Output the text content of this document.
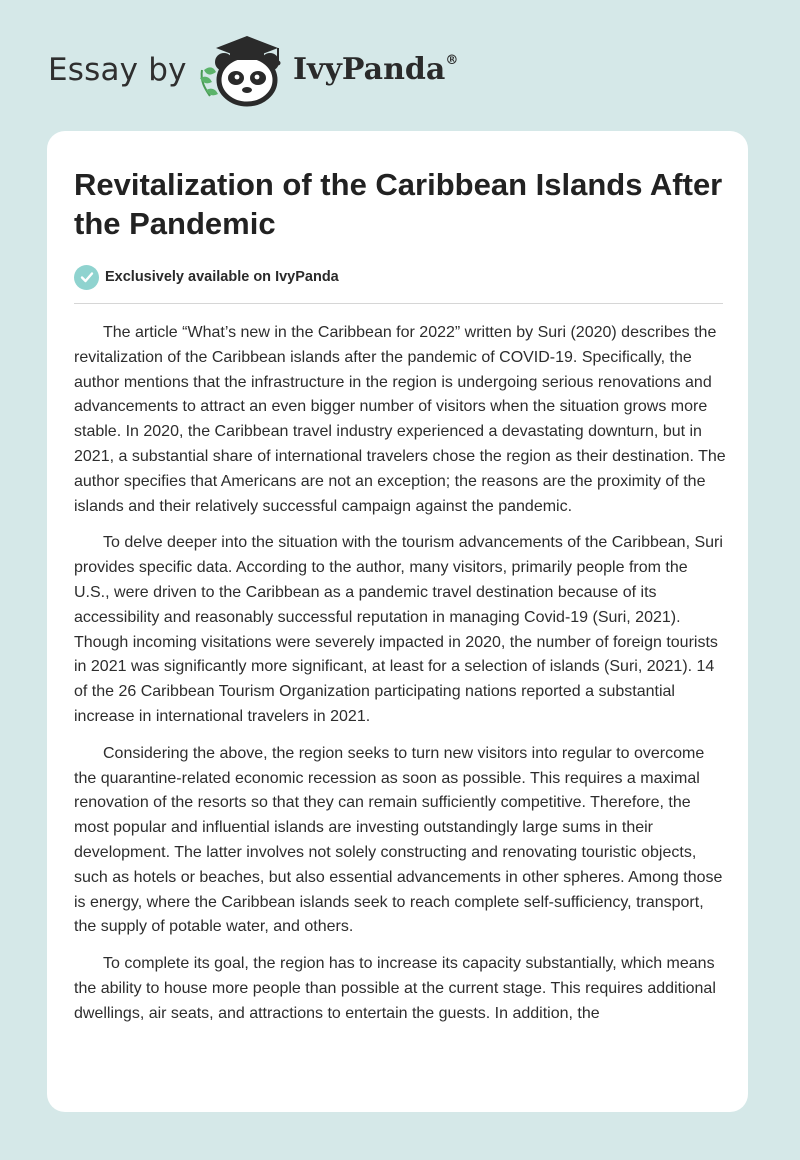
Essay by	IvyPanda®
Revitalization of the Caribbean Islands After the Pandemic
Exclusively available on IvyPanda

The article “What’s new in the Caribbean for 2022” written by Suri (2020) describes the revitalization of the Caribbean islands after the pandemic of COVID-19. Specifically, the author mentions that the infrastructure in the region is undergoing serious renovations and advancements to attract an even bigger number of visitors when the situation grows more stable. In 2020, the Caribbean travel industry experienced a devastating downturn, but in 2021, a substantial share of international travelers chose the region as their destination. The author specifies that Americans are not an exception; the reasons are the proximity of the islands and their relatively successful campaign against the pandemic.

To delve deeper into the situation with the tourism advancements of the Caribbean, Suri provides specific data. According to the author, many visitors, primarily people from the U.S., were driven to the Caribbean as a pandemic travel destination because of its accessibility and reasonably successful reputation in managing Covid-19 (Suri, 2021). Though incoming visitations were severely impacted in 2020, the number of foreign tourists in 2021 was significantly more significant, at least for a selection of islands (Suri, 2021). 14 of the 26 Caribbean Tourism Organization participating nations reported a substantial increase in international travelers in 2021.

Considering the above, the region seeks to turn new visitors into regular to overcome the quarantine-related economic recession as soon as possible. This requires a maximal renovation of the resorts so that they can remain sufficiently competitive. Therefore, the most popular and influential islands are investing outstandingly large sums in their development. The latter involves not solely constructing and renovating touristic objects, such as hotels or beaches, but also essential advancements in other spheres. Among those is energy, where the Caribbean islands seek to reach complete self-sufficiency, transport, the supply of potable water, and others.

To complete its goal, the region has to increase its capacity substantially, which means the ability to house more people than possible at the current stage. This requires additional dwellings, air seats, and attractions to entertain the guests. In addition, the
